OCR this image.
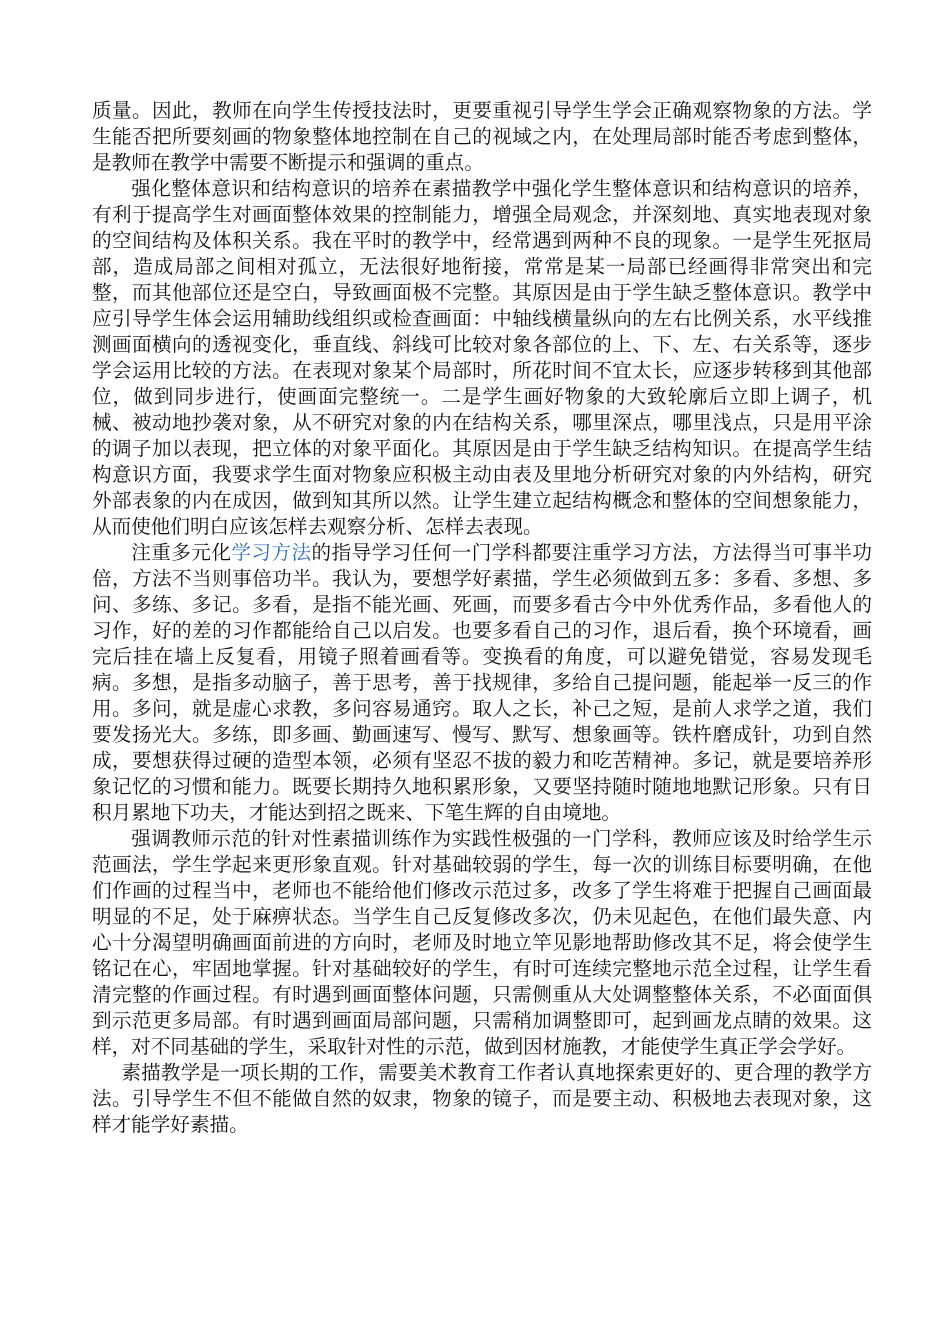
质量。因此，教师在向学生传授技法时，更要重视引导学生学会正确观察物象的方法。学生能否把所要刻画的物象整体地控制在自己的视域之内，在处理局部时能否考虑到整体，是教师在教学中需要不断提示和强调的重点。

强化整体意识和结构意识的培养在素描教学中强化学生整体意识和结构意识的培养，有利于提高学生对画面整体效果的控制能力，增强全局观念，并深刻地、真实地表现对象的空间结构及体积关系。我在平时的教学中，经常遇到两种不良的现象。一是学生死抠局部，造成局部之间相对孤立，无法很好地衔接，常常是某一局部已经画得非常突出和完整，而其他部位还是空白，导致画面极不完整。其原因是由于学生缺乏整体意识。教学中应引导学生体会运用辅助线组织或检查画面：中轴线横量纵向的左右比例关系，水平线推测画面横向的透视变化，垂直线、斜线可比较对象各部位的上、下、左、右关系等，逐步学会运用比较的方法。在表现对象某个局部时，所花时间不宜太长，应逐步转移到其他部位，做到同步进行，使画面完整统一。二是学生画好物象的大致轮廓后立即上调子，机械、被动地抄袭对象，从不研究对象的内在结构关系，哪里深点，哪里浅点，只是用平涂的调子加以表现，把立体的对象平面化。其原因是由于学生缺乏结构知识。在提高学生结构意识方面，我要求学生面对物象应积极主动由表及里地分析研究对象的内外结构，研究外部表象的内在成因，做到知其所以然。让学生建立起结构概念和整体的空间想象能力，从而使他们明白应该怎样去观察分析、怎样去表现。

注重多元化学习方法的指导学习任何一门学科都要注重学习方法，方法得当可事半功倍，方法不当则事倍功半。我认为，要想学好素描，学生必须做到五多：多看、多想、多问、多练、多记。多看，是指不能光画、死画，而要多看古今中外优秀作品，多看他人的习作，好的差的习作都能给自己以启发。也要多看自己的习作，退后看，换个环境看，画完后挂在墙上反复看，用镜子照着画看等。变换看的角度，可以避免错觉，容易发现毛病。多想，是指多动脑子，善于思考，善于找规律，多给自己提问题，能起举一反三的作用。多问，就是虚心求教，多问容易通窍。取人之长，补己之短，是前人求学之道，我们要发扬光大。多练，即多画、勤画速写、慢写、默写、想象画等。铁杵磨成针，功到自然成，要想获得过硬的造型本领，必须有坚忍不拔的毅力和吃苦精神。多记，就是要培养形象记忆的习惯和能力。既要长期持久地积累形象，又要坚持随时随地地默记形象。只有日积月累地下功夫，才能达到招之既来、下笔生辉的自由境地。

强调教师示范的针对性素描训练作为实践性极强的一门学科，教师应该及时给学生示范画法，学生学起来更形象直观。针对基础较弱的学生，每一次的训练目标要明确，在他们作画的过程当中，老师也不能给他们修改示范过多，改多了学生将难于把握自己画面最明显的不足，处于麻痹状态。当学生自己反复修改多次，仍未见起色，在他们最失意、内心十分渴望明确画面前进的方向时，老师及时地立竿见影地帮助修改其不足，将会使学生铭记在心，牢固地掌握。针对基础较好的学生，有时可连续完整地示范全过程，让学生看清完整的作画过程。有时遇到画面整体问题，只需侧重从大处调整整体关系，不必面面俱到示范更多局部。有时遇到画面局部问题，只需稍加调整即可，起到画龙点睛的效果。这样，对不同基础的学生，采取针对性的示范，做到因材施教，才能使学生真正学会学好。

素描教学是一项长期的工作，需要美术教育工作者认真地探索更好的、更合理的教学方法。引导学生不但不能做自然的奴隶，物象的镜子，而是要主动、积极地去表现对象，这样才能学好素描。
